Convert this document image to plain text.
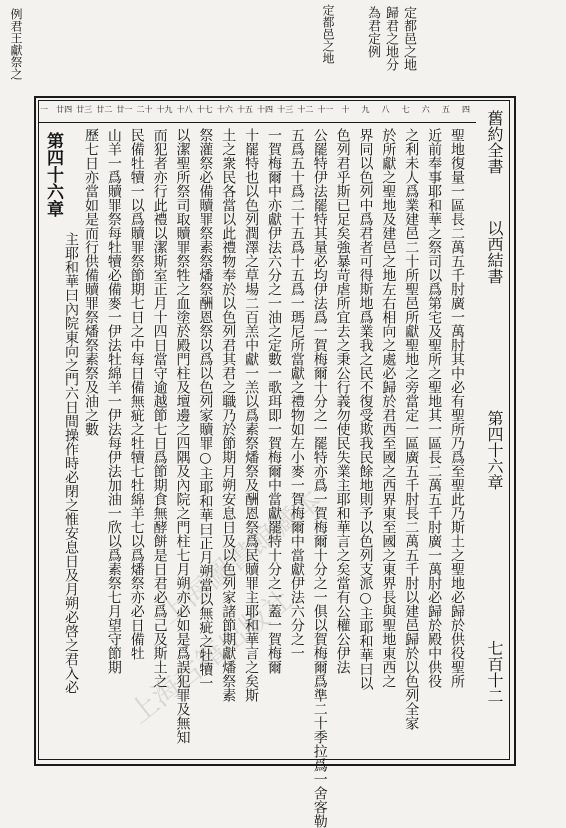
定都邑之地	定都邑之地
歸君之地分
為君定例
例君王獻祭之
四
五
六
七
八
九
十
十一
十二
十三
十四
十五
十六
十七
十八
十九
二十
廿一
廿二
廿三
廿四
一
舊約全書
以西結書
第四十六章
七百十二
聖地復量一區長二萬五千肘廣一萬肘其中必有聖所乃爲至聖此乃斯土之聖地必歸於供役聖所
近前奉事耶和華之祭司以爲第宅及聖所之聖地其一區長二萬五千肘廣一萬肘必歸於殿中供役
之利未人爲業建邑二十所聖邑所獻聖地之旁當定一區廣五千肘長二萬五千肘以建邑歸於以色列全家
於所獻之聖地及建邑之地左右相向之處必歸於君西至國之西界東至國之東界長與聖地東西之
界同以色列中爲君者可得斯地爲業我之民不復受欺我民餘地則予以色列支派○主耶和華曰以
色列君乎斯已足矣強暴苛虐所宜去之秉公行義勿使民失業主耶和華言之矣當有公權公伊法
公罷特伊法罷特其量必均伊法爲一賀梅爾十分之一罷特亦爲一賀梅爾十分之一俱以賀梅爾爲準二十季拉爲一舍客勒
五爲五十爲二十五爲十五爲一瑪尼所當獻之禮物如左小麥一賀梅爾中當獻伊法六分之一
一賀梅爾中亦獻伊法六分之一油之定數一歌珥即一賀梅爾中當獻罷特十分之一蓋一賀梅爾
十罷特也以色列潤澤之草場二百羔中獻一羔以爲素祭燔祭及酬恩祭爲民贖罪主耶和華言之矣斯
土之衆民各當以此禮物奉於以色列君其君之職乃於節期月朔安息日及以色列家諸節期獻燔祭素
祭灌祭必備贖罪祭素祭燔祭酬恩祭以爲以色列家贖罪○主耶和華曰正月朔當以無疵之牡犢一
以潔聖所祭司取贖罪祭牲之血塗於殿門柱及壇邊之四隅及內院之門柱七月朔亦必如是爲誤犯罪及無知
而犯者亦行此禮以潔斯室正月十四日當守逾越節七日爲節期食無酵餅是日君必爲己及斯土之
民備牡犢一以爲贖罪祭節期七日之中每日備無疵之牡犢七牡綿羊七以爲燔祭亦必日備牡
山羊一爲贖罪祭每牡犢必備麥一伊法牡綿羊一伊法每伊法加油一欣以爲素祭七月望守節期
歷七日亦當如是而行供備贖罪祭燔祭素祭及油之數
第四十六章
主耶和華曰內院東向之門六日間操作時必閉之惟安息日及月朔必啓之君入必	上海圖書館藏本
上海古籍出版社
